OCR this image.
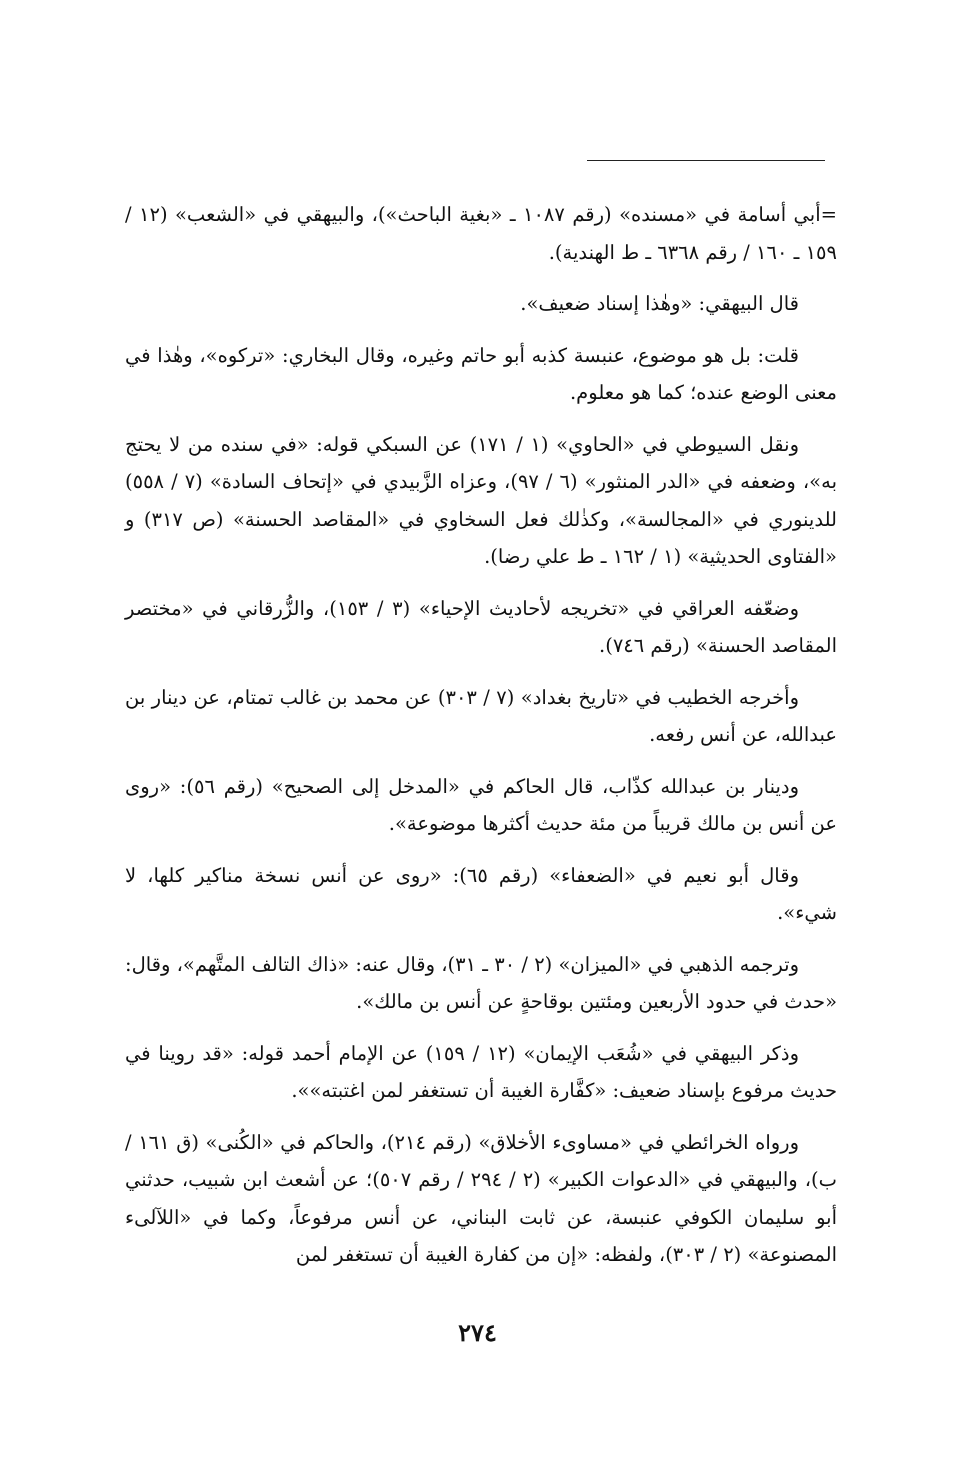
=أبي أسامة في «مسنده» (رقم ١٠٨٧ ـ «بغية الباحث»)، والبيهقي في «الشعب» (١٢ / ١٥٩ ـ ١٦٠ / رقم ٦٣٦٨ ـ ط الهندية).

قال البيهقي: «وهٰذا إسناد ضعيف».

قلت: بل هو موضوع، عنبسة كذبه أبو حاتم وغيره، وقال البخاري: «تركوه»، وهٰذا في معنى الوضع عنده؛ كما هو معلوم.

ونقل السيوطي في «الحاوي» (١ / ١٧١) عن السبكي قوله: «في سنده من لا يحتج به»، وضعفه في «الدر المنثور» (٦ / ٩٧)، وعزاه الزَّبيدي في «إتحاف السادة» (٧ / ٥٥٨) للدينوري في «المجالسة»، وكذٰلك فعل السخاوي في «المقاصد الحسنة» (ص ٣١٧) و «الفتاوى الحديثية» (١ / ١٦٢ ـ ط علي رضا).

وضعّفه العراقي في «تخريجه لأحاديث الإحياء» (٣ / ١٥٣)، والزُّرقاني في «مختصر المقاصد الحسنة» (رقم ٧٤٦).

وأخرجه الخطيب في «تاريخ بغداد» (٧ / ٣٠٣) عن محمد بن غالب تمتام، عن دينار بن عبدالله، عن أنس رفعه.

ودينار بن عبدالله كذّاب، قال الحاكم في «المدخل إلى الصحيح» (رقم ٥٦): «روى عن أنس بن مالك قريباً من مئة حديث أكثرها موضوعة».

وقال أبو نعيم في «الضعفاء» (رقم ٦٥): «روى عن أنس نسخة مناكير كلها، لا شيء».

وترجمه الذهبي في «الميزان» (٢ / ٣٠ ـ ٣١)، وقال عنه: «ذاك التالف المتَّهم»، وقال: «حدث في حدود الأربعين ومئتين بوقاحةٍ عن أنس بن مالك».

وذكر البيهقي في «شُعَب الإيمان» (١٢ / ١٥٩) عن الإمام أحمد قوله: «قد روينا في حديث مرفوع بإسناد ضعيف: «كفَّارة الغيبة أن تستغفر لمن اغتبته»».

ورواه الخرائطي في «مساوىء الأخلاق» (رقم ٢١٤)، والحاكم في «الكُنى» (ق ١٦١ / ب)، والبيهقي في «الدعوات الكبير» (٢ / ٢٩٤ / رقم ٥٠٧)؛ عن أشعث ابن شبيب، حدثني أبو سليمان الكوفي عنبسة، عن ثابت البناني، عن أنس مرفوعاً، وكما في «اللآلىء المصنوعة» (٢ / ٣٠٣)، ولفظه: «إن من كفارة الغيبة أن تستغفر لمن

٢٧٤
